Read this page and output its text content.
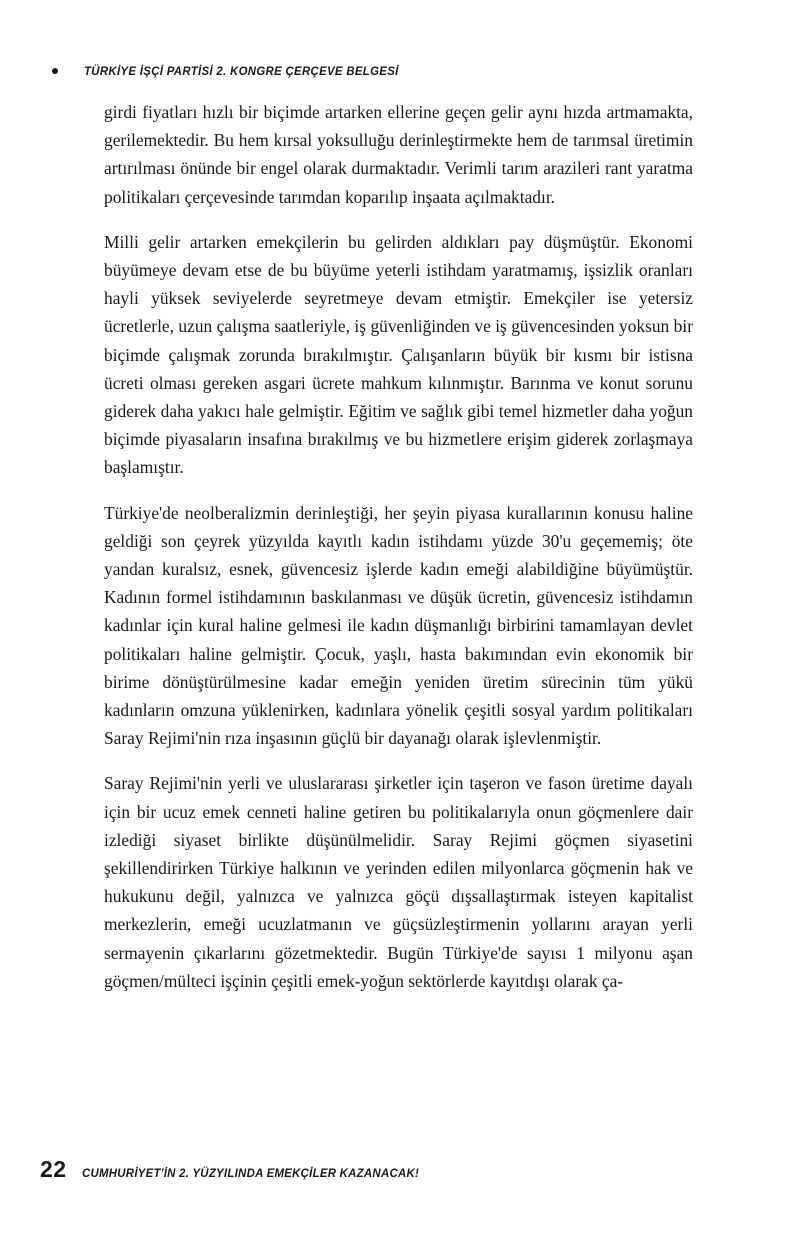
TÜRKİYE İŞÇİ PARTİSİ 2. KONGRE ÇERÇEVE BELGESİ

girdi fiyatları hızlı bir biçimde artarken ellerine geçen gelir aynı hızda artmamakta, gerilemektedir. Bu hem kırsal yoksulluğu derinleştirmekte hem de tarımsal üretimin artırılması önünde bir engel olarak durmaktadır. Verimli tarım arazileri rant yaratma politikaları çerçevesinde tarımdan koparılıp inşaata açılmaktadır.

Milli gelir artarken emekçilerin bu gelirden aldıkları pay düşmüştür. Ekonomi büyümeye devam etse de bu büyüme yeterli istihdam yaratmamış, işsizlik oranları hayli yüksek seviyelerde seyretmeye devam etmiştir. Emekçiler ise yetersiz ücretlerle, uzun çalışma saatleriyle, iş güvenliğinden ve iş güvencesinden yoksun bir biçimde çalışmak zorunda bırakılmıştır. Çalışanların büyük bir kısmı bir istisna ücreti olması gereken asgari ücrete mahkum kılınmıştır. Barınma ve konut sorunu giderek daha yakıcı hale gelmiştir. Eğitim ve sağlık gibi temel hizmetler daha yoğun biçimde piyasaların insafına bırakılmış ve bu hizmetlere erişim giderek zorlaşmaya başlamıştır.

Türkiye'de neolberalizmin derinleştiği, her şeyin piyasa kurallarının konusu haline geldiği son çeyrek yüzyılda kayıtlı kadın istihdamı yüzde 30'u geçememiş; öte yandan kuralsız, esnek, güvencesiz işlerde kadın emeği alabildiğine büyümüştür. Kadının formel istihdamının baskılanması ve düşük ücretin, güvencesiz istihdamın kadınlar için kural haline gelmesi ile kadın düşmanlığı birbirini tamamlayan devlet politikaları haline gelmiştir. Çocuk, yaşlı, hasta bakımından evin ekonomik bir birime dönüştürülmesine kadar emeğin yeniden üretim sürecinin tüm yükü kadınların omzuna yüklenirken, kadınlara yönelik çeşitli sosyal yardım politikaları Saray Rejimi'nin rıza inşasının güçlü bir dayanağı olarak işlevlenmiştir.

Saray Rejimi'nin yerli ve uluslararası şirketler için taşeron ve fason üretime dayalı için bir ucuz emek cenneti haline getiren bu politikalarıyla onun göçmenlere dair izlediği siyaset birlikte düşünülmelidir. Saray Rejimi göçmen siyasetini şekillendirirken Türkiye halkının ve yerinden edilen milyonlarca göçmenin hak ve hukukunu değil, yalnızca ve yalnızca göçü dışsallaştırmak isteyen kapitalist merkezlerin, emeği ucuzlatmanın ve güçsüzleştirmenin yollarını arayan yerli sermayenin çıkarlarını gözetmektedir. Bugün Türkiye'de sayısı 1 milyonu aşan göçmen/mülteci işçinin çeşitli emek-yoğun sektörlerde kayıtdışı olarak ça-

22 CUMHURİYET'İN 2. YÜZYILINDA EMEKÇİLER KAZANACAK!
